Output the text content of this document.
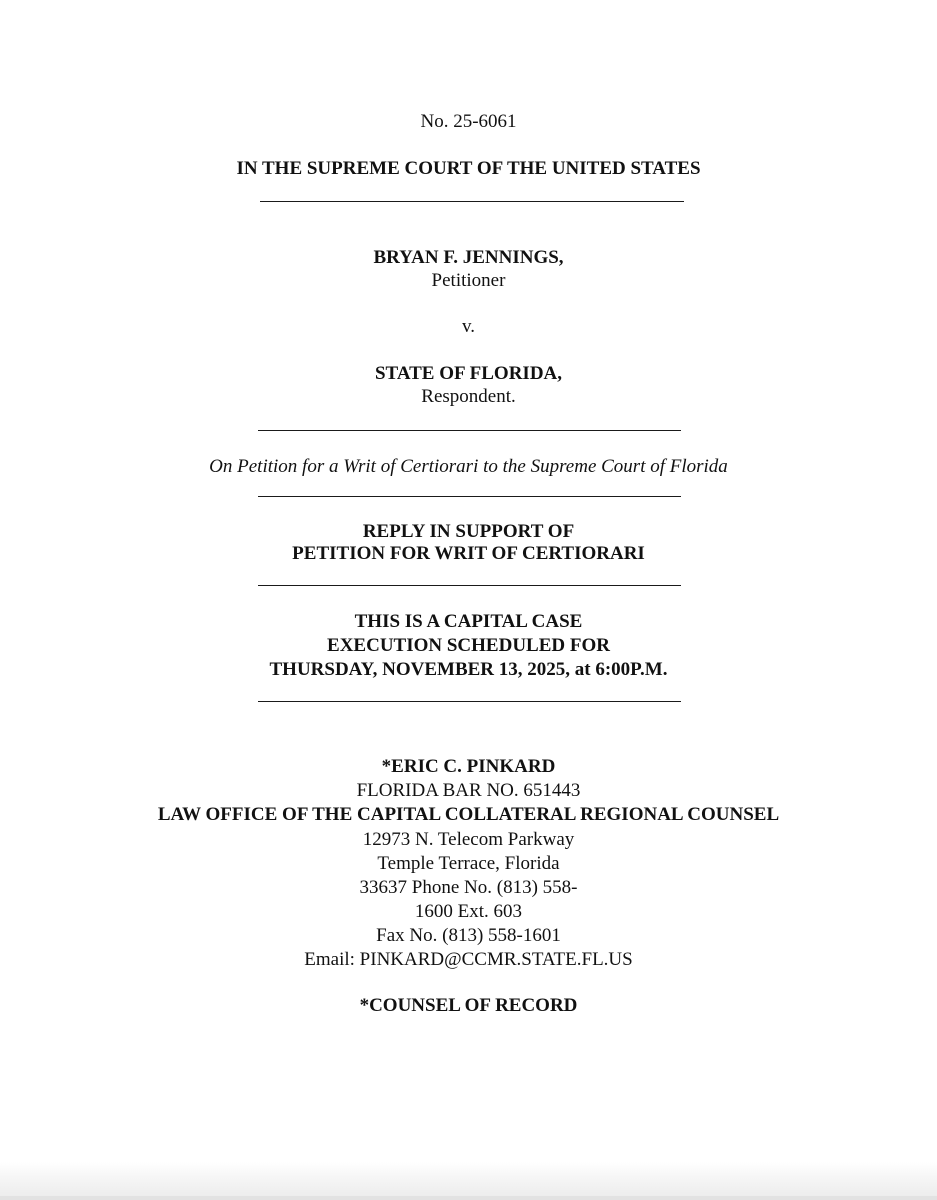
No. 25-6061
IN THE SUPREME COURT OF THE UNITED STATES
BRYAN F. JENNINGS,
Petitioner
v.
STATE OF FLORIDA,
Respondent.
On Petition for a Writ of Certiorari to the Supreme Court of Florida
REPLY IN SUPPORT OF
PETITION FOR WRIT OF CERTIORARI
THIS IS A CAPITAL CASE
EXECUTION SCHEDULED FOR
THURSDAY, NOVEMBER 13, 2025, at 6:00P.M.
*ERIC C. PINKARD
FLORIDA BAR NO. 651443
LAW OFFICE OF THE CAPITAL COLLATERAL REGIONAL COUNSEL
12973 N. Telecom Parkway
Temple Terrace, Florida
33637 Phone No. (813) 558-
1600 Ext. 603
Fax No. (813) 558-1601
Email: PINKARD@CCMR.STATE.FL.US
*COUNSEL OF RECORD
